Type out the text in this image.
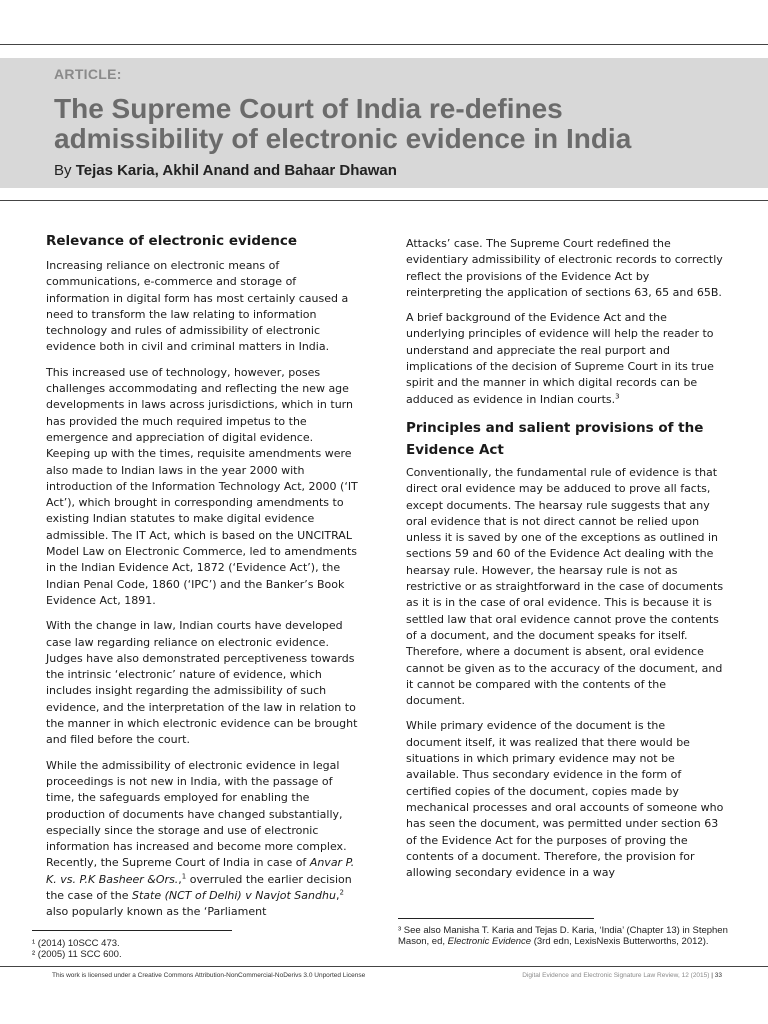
ARTICLE:
The Supreme Court of India re-defines
admissibility of electronic evidence in India
By Tejas Karia, Akhil Anand and Bahaar Dhawan
Relevance of electronic evidence

Increasing reliance on electronic means of communications, e-commerce and storage of information in digital form has most certainly caused a need to transform the law relating to information technology and rules of admissibility of electronic evidence both in civil and criminal matters in India.

This increased use of technology, however, poses challenges accommodating and reflecting the new age developments in laws across jurisdictions, which in turn has provided the much required impetus to the emergence and appreciation of digital evidence. Keeping up with the times, requisite amendments were also made to Indian laws in the year 2000 with introduction of the Information Technology Act, 2000 (‘IT Act’), which brought in corresponding amendments to existing Indian statutes to make digital evidence admissible. The IT Act, which is based on the UNCITRAL Model Law on Electronic Commerce, led to amendments in the Indian Evidence Act, 1872 (‘Evidence Act’), the Indian Penal Code, 1860 (‘IPC’) and the Banker’s Book Evidence Act, 1891.

With the change in law, Indian courts have developed case law regarding reliance on electronic evidence. Judges have also demonstrated perceptiveness towards the intrinsic ‘electronic’ nature of evidence, which includes insight regarding the admissibility of such evidence, and the interpretation of the law in relation to the manner in which electronic evidence can be brought and filed before the court.

While the admissibility of electronic evidence in legal proceedings is not new in India, with the passage of time, the safeguards employed for enabling the production of documents have changed substantially, especially since the storage and use of electronic information has increased and become more complex. Recently, the Supreme Court of India in case of Anvar P. K. vs. P.K Basheer &Ors.,$^1$ overruled the earlier decision the case of the State (NCT of Delhi) v Navjot Sandhu,$^2$ also popularly known as the ‘Parliament

Attacks’ case. The Supreme Court redefined the evidentiary admissibility of electronic records to correctly reflect the provisions of the Evidence Act by reinterpreting the application of sections 63, 65 and 65B.

A brief background of the Evidence Act and the underlying principles of evidence will help the reader to understand and appreciate the real purport and implications of the decision of Supreme Court in its true spirit and the manner in which digital records can be adduced as evidence in Indian courts.$^3$

Principles and salient provisions of the Evidence Act

Conventionally, the fundamental rule of evidence is that direct oral evidence may be adduced to prove all facts, except documents. The hearsay rule suggests that any oral evidence that is not direct cannot be relied upon unless it is saved by one of the exceptions as outlined in sections 59 and 60 of the Evidence Act dealing with the hearsay rule. However, the hearsay rule is not as restrictive or as straightforward in the case of documents as it is in the case of oral evidence. This is because it is settled law that oral evidence cannot prove the contents of a document, and the document speaks for itself. Therefore, where a document is absent, oral evidence cannot be given as to the accuracy of the document, and it cannot be compared with the contents of the document.

While primary evidence of the document is the document itself, it was realized that there would be situations in which primary evidence may not be available. Thus secondary evidence in the form of certified copies of the document, copies made by mechanical processes and oral accounts of someone who has seen the document, was permitted under section 63 of the Evidence Act for the purposes of proving the contents of a document. Therefore, the provision for allowing secondary evidence in a way

¹ (2014) 10SCC 473.
² (2005) 11 SCC 600.
³ See also Manisha T. Karia and Tejas D. Karia, ‘India’ (Chapter 13) in Stephen Mason, ed, Electronic Evidence (3rd edn, LexisNexis Butterworths, 2012).
This work is licensed under a Creative Commons Attribution-NonCommercial-NoDerivs 3.0 Unported License	Digital Evidence and Electronic Signature Law Review, 12 (2015) | 33
